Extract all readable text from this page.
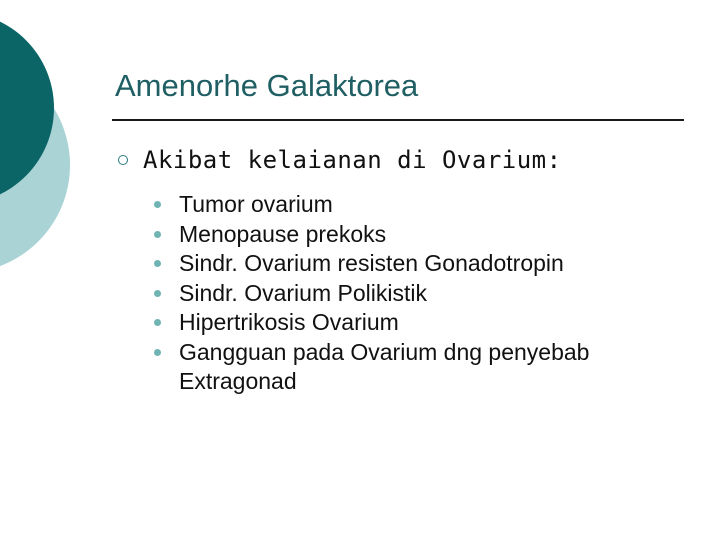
Amenorhe Galaktorea
Akibat kelaianan di Ovarium:
Tumor ovarium
Menopause prekoks
Sindr. Ovarium resisten Gonadotropin
Sindr. Ovarium Polikistik
Hipertrikosis Ovarium
Gangguan pada Ovarium dng penyebab Extragonad
